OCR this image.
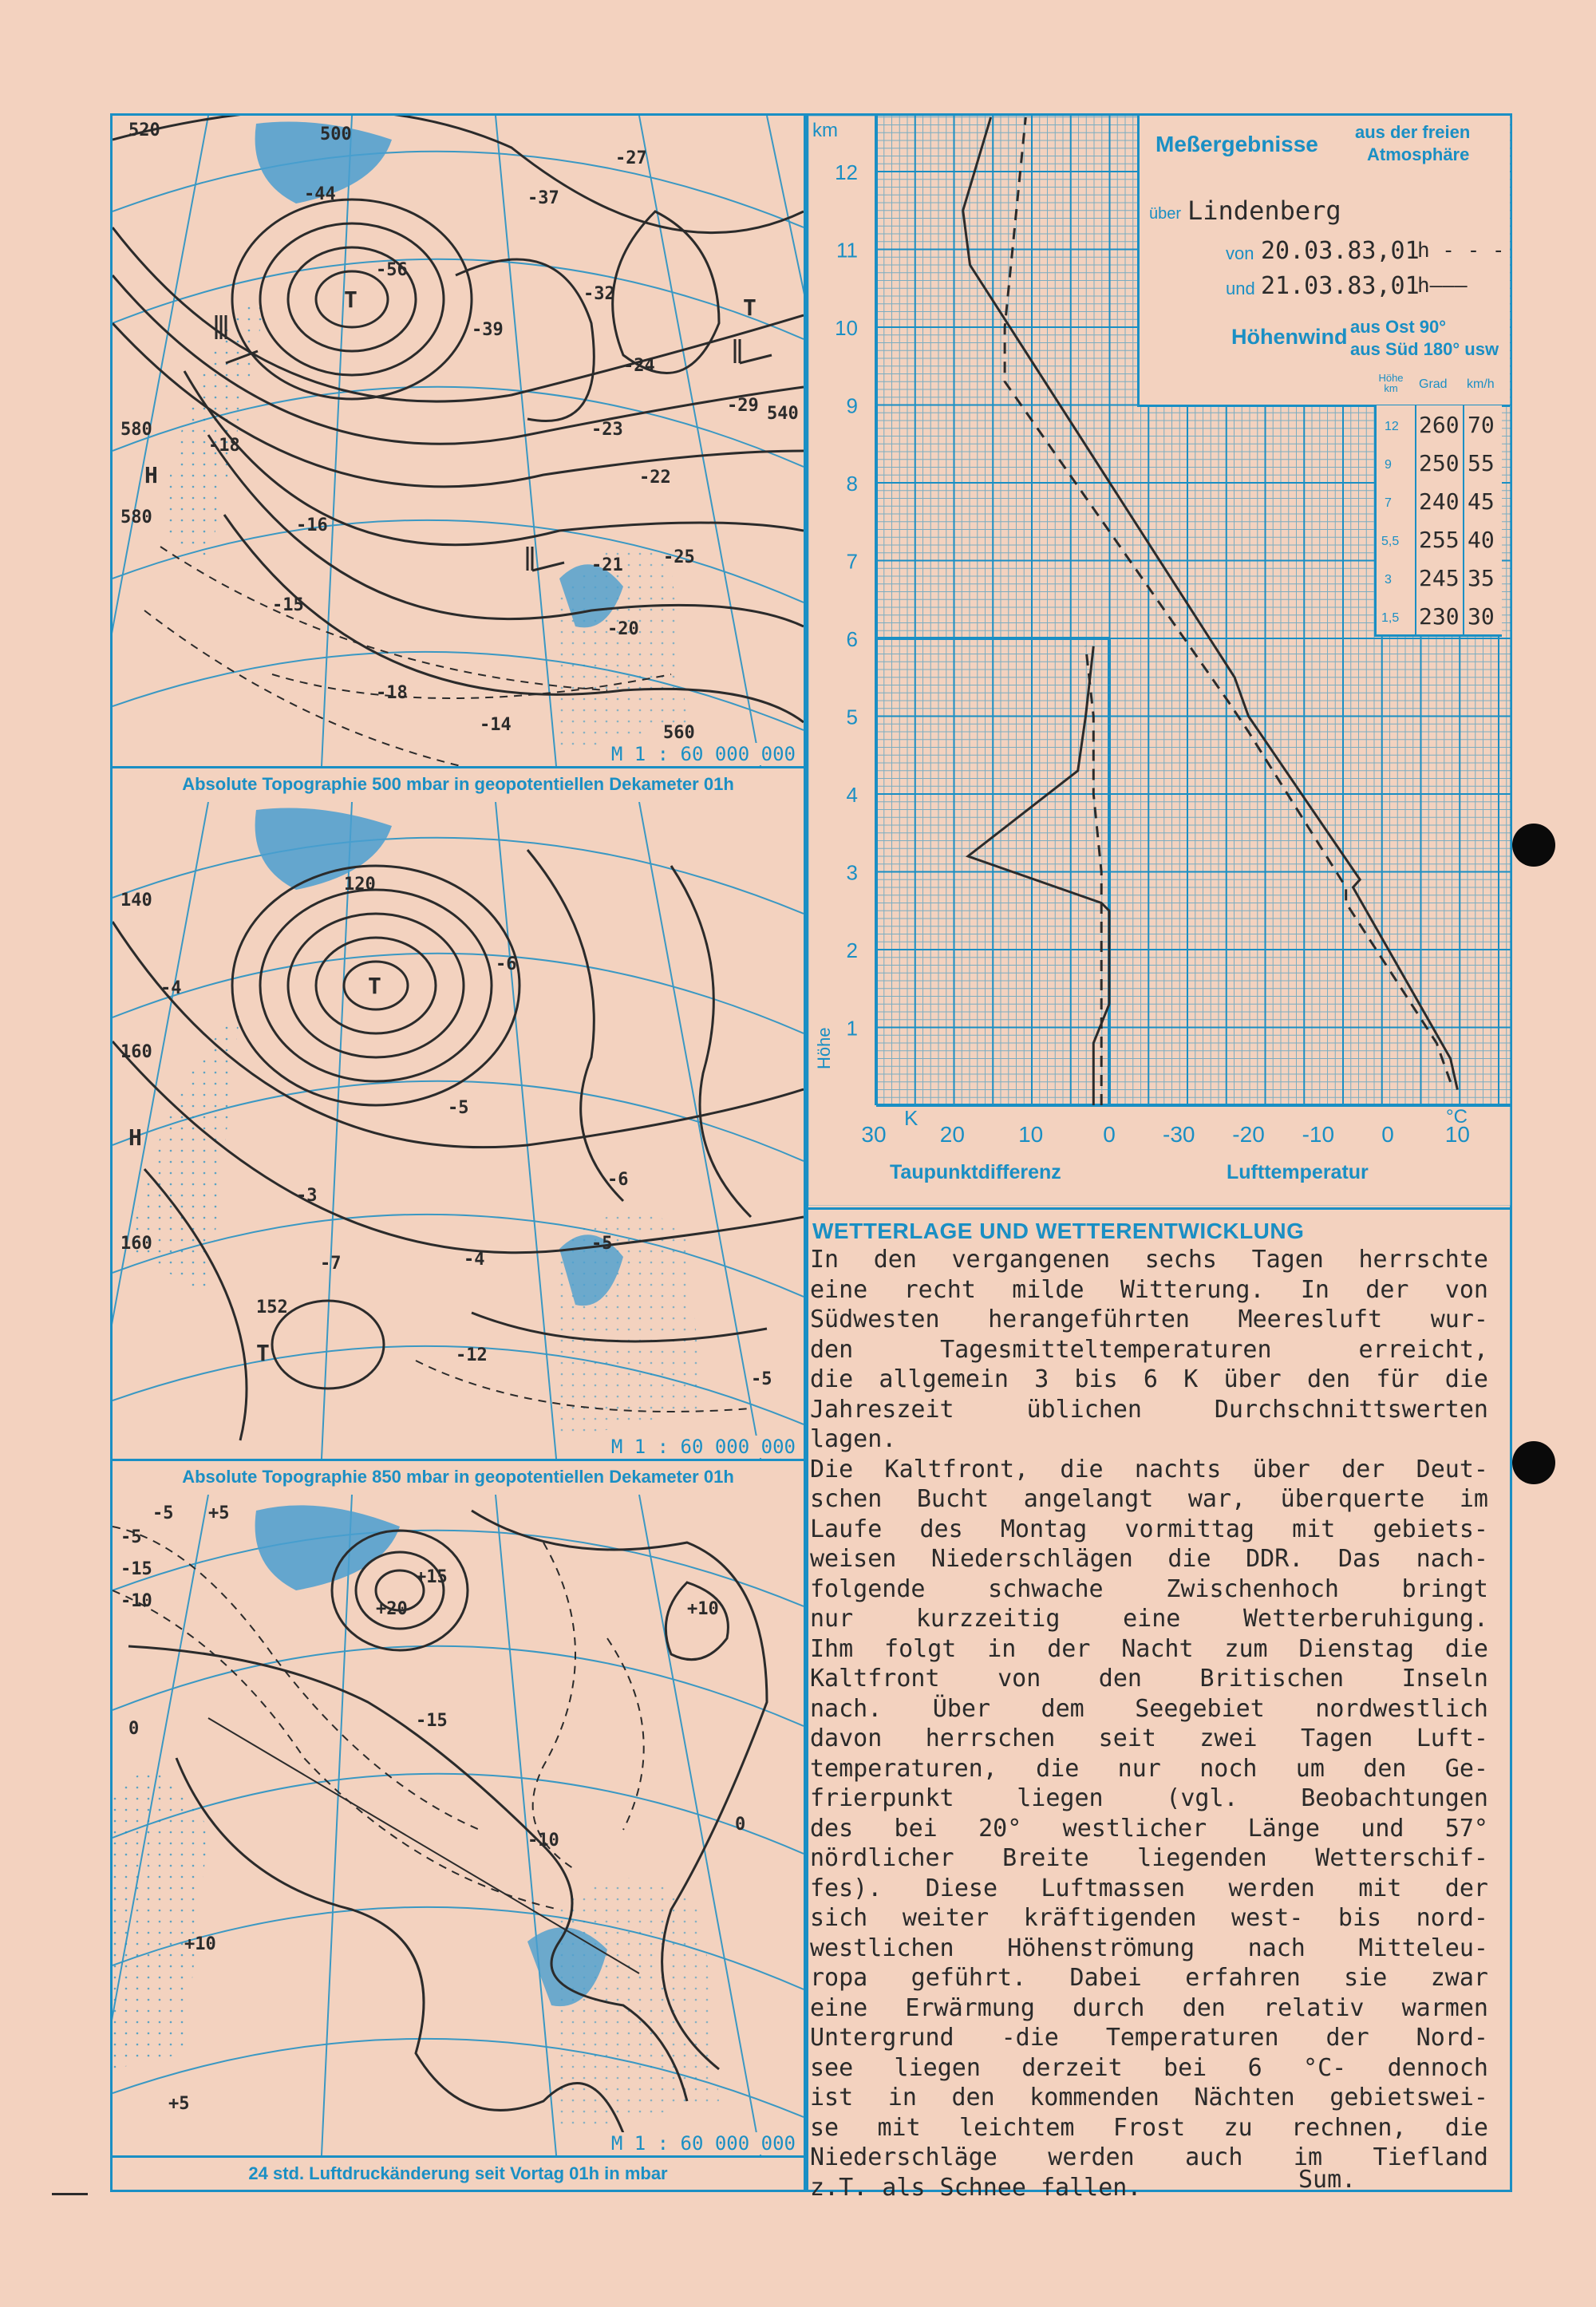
520	500
580
580
560
540
-44
-56
-37
-27
-39
-32
-24
-23
-29
-16
-18
-15
-22
-25
-21
-20
-14
-18
T
H
T
M 1 : 60 000 000
Absolute Topographie 500 mbar in geopotentiellen Dekameter 01h
140
120
160
160
152
-4
-6
-5
-3
-4
-12
-5
-7
-5
-6
T
H
T
M 1 : 60 000 000
Absolute Topographie 850 mbar in geopotentiellen Dekameter 01h
-5 +5
-5
-15
-10
+15
+20	+10
-15
-10
+10
+5
0
0
M 1 : 60 000 000
24 std. Luftdruckänderung seit Vortag 01h in mbar
1
2
3
4
5
6
7
8
9
10
11
12
30 20 10	0 -30 -20 -10 0 10
Meßergebnisse aus der freien
Atmosphäre
über Lindenberg
von 20.03.83,01
h - - -
und 21.03.83,01
h———
Höhenwind aus Ost 90°
aus Süd 180° usw
Höhe km	Grad km/h
12 260 70
9 250 55
7 240 45
5,5 255 40
3 245 35
1,5 230 30
km
Höhe
K	°C
Taupunktdifferenz	Lufttemperatur
WETTERLAGE UND WETTERENTWICKLUNG

In den vergangenen sechs Tagen herrschte

eine recht milde Witterung. In der von

Südwesten herangeführten Meeresluft wur-

den Tagesmitteltemperaturen erreicht,

die allgemein 3 bis 6 K über den für die

Jahreszeit üblichen Durchschnittswerten

lagen.

Die Kaltfront, die nachts über der Deut-

schen Bucht angelangt war, überquerte im

Laufe des Montag vormittag mit gebiets-

weisen Niederschlägen die DDR. Das nach-

folgende schwache Zwischenhoch bringt

nur kurzzeitig eine Wetterberuhigung.

Ihm folgt in der Nacht zum Dienstag die

Kaltfront von den Britischen Inseln

nach. Über dem Seegebiet nordwestlich

davon herrschen seit zwei Tagen Luft-

temperaturen, die nur noch um den Ge-

frierpunkt liegen (vgl. Beobachtungen

des bei 20° westlicher Länge und 57°

nördlicher Breite liegenden Wetterschif-

fes). Diese Luftmassen werden mit der

sich weiter kräftigenden west- bis nord-

westlichen Höhenströmung nach Mitteleu-

ropa geführt. Dabei erfahren sie zwar

eine Erwärmung durch den relativ warmen

Untergrund -die Temperaturen der Nord-

see liegen derzeit bei 6 °C- dennoch

ist in den kommenden Nächten gebietswei-

se mit leichtem Frost zu rechnen, die

Niederschläge werden auch im Tiefland

z.T. als Schnee fallen.	Sum.
